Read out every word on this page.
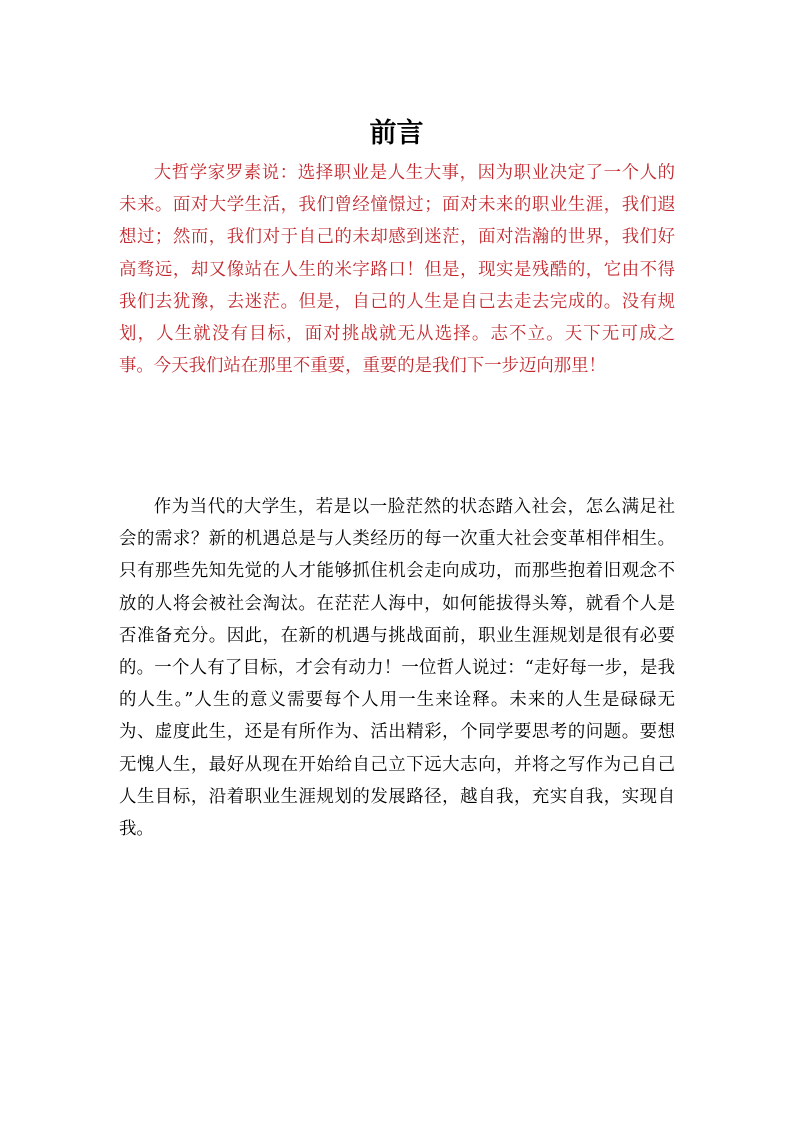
前言

大哲学家罗素说：选择职业是人生大事，因为职业决定了一个人的未来。面对大学生活，我们曾经憧憬过；面对未来的职业生涯，我们遐想过；然而，我们对于自己的未却感到迷茫，面对浩瀚的世界，我们好高骛远，却又像站在人生的米字路口！但是，现实是残酷的，它由不得我们去犹豫，去迷茫。但是，自己的人生是自己去走去完成的。没有规划，人生就没有目标，面对挑战就无从选择。志不立。天下无可成之事。今天我们站在那里不重要，重要的是我们下一步迈向那里！

作为当代的大学生，若是以一脸茫然的状态踏入社会，怎么满足社会的需求？新的机遇总是与人类经历的每一次重大社会变革相伴相生。只有那些先知先觉的人才能够抓住机会走向成功，而那些抱着旧观念不放的人将会被社会淘汰。在茫茫人海中，如何能拔得头筹，就看个人是否准备充分。因此，在新的机遇与挑战面前，职业生涯规划是很有必要的。一个人有了目标，才会有动力！一位哲人说过：“走好每一步，是我的人生。”人生的意义需要每个人用一生来诠释。未来的人生是碌碌无为、虚度此生，还是有所作为、活出精彩，个同学要思考的问题。要想无愧人生，最好从现在开始给自己立下远大志向，并将之写作为己自己人生目标，沿着职业生涯规划的发展路径，越自我，充实自我，实现自我。
